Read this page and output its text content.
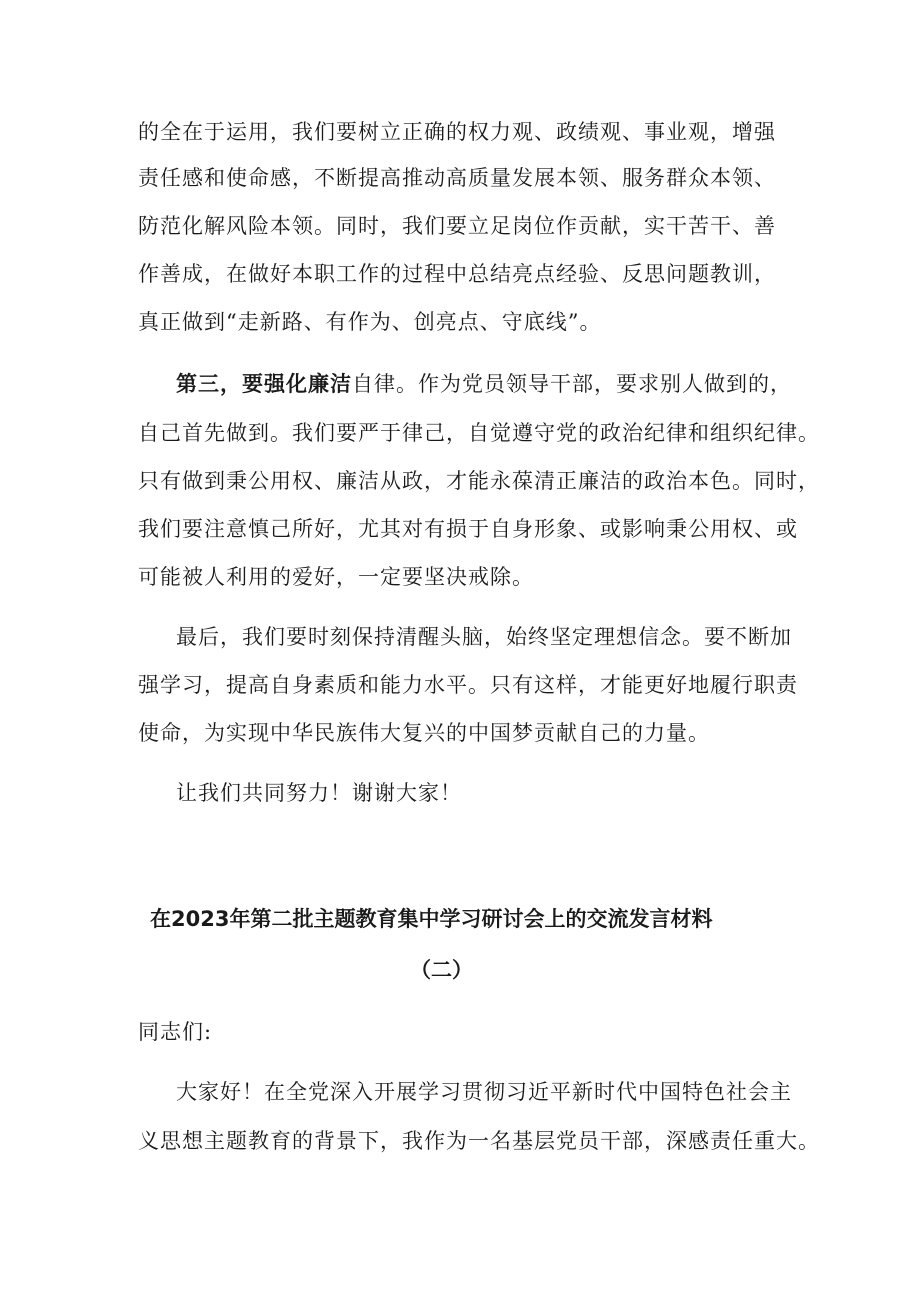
的全在于运用，我们要树立正确的权力观、政绩观、事业观，增强
责任感和使命感，不断提高推动高质量发展本领、服务群众本领、
防范化解风险本领。同时，我们要立足岗位作贡献，实干苦干、善
作善成，在做好本职工作的过程中总结亮点经验、反思问题教训，
真正做到“走新路、有作为、创亮点、守底线”。
第三，要强化廉洁自律。作为党员领导干部，要求别人做到的，
自己首先做到。我们要严于律己，自觉遵守党的政治纪律和组织纪律。
只有做到秉公用权、廉洁从政，才能永葆清正廉洁的政治本色。同时，
我们要注意慎己所好，尤其对有损于自身形象、或影响秉公用权、或
可能被人利用的爱好，一定要坚决戒除。
最后，我们要时刻保持清醒头脑，始终坚定理想信念。要不断加
强学习，提高自身素质和能力水平。只有这样，才能更好地履行职责
使命，为实现中华民族伟大复兴的中国梦贡献自己的力量。
让我们共同努力！谢谢大家！
在2023年第二批主题教育集中学习研讨会上的交流发言材料
（二）
同志们:
大家好！在全党深入开展学习贯彻习近平新时代中国特色社会主
义思想主题教育的背景下，我作为一名基层党员干部，深感责任重大。
